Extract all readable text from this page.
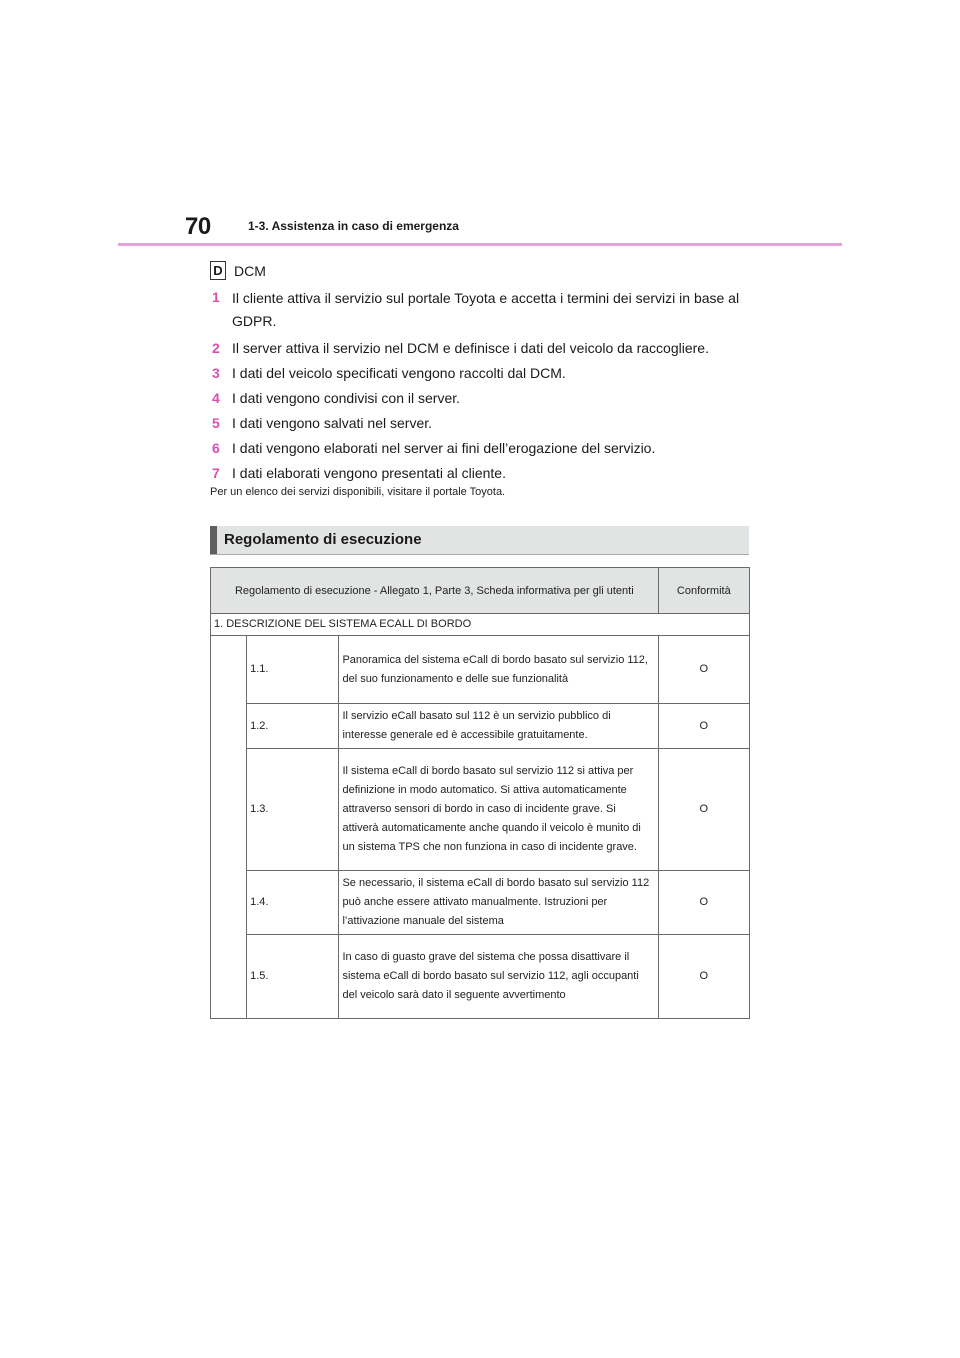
70	1-3. Assistenza in caso di emergenza
D DCM
1 Il cliente attiva il servizio sul portale Toyota e accetta i termini dei servizi in base al GDPR.
2 Il server attiva il servizio nel DCM e definisce i dati del veicolo da raccogliere.
3 I dati del veicolo specificati vengono raccolti dal DCM.
4 I dati vengono condivisi con il server.
5 I dati vengono salvati nel server.
6 I dati vengono elaborati nel server ai fini dell’erogazione del servizio.
7 I dati elaborati vengono presentati al cliente.
Per un elenco dei servizi disponibili, visitare il portale Toyota.
Regolamento di esecuzione
Regolamento di esecuzione - Allegato 1, Parte 3, Scheda informativa per gli utenti			Conformità
1. DESCRIZIONE DEL SISTEMA ECALL DI BORDO			
	1.1.	Panoramica del sistema eCall di bordo basato sul servizio 112, del suo funzionamento e delle sue funzionalità	O
	1.2.	Il servizio eCall basato sul 112 è un servizio pubblico di interesse generale ed è accessibile gratuitamente.	O
	1.3.	Il sistema eCall di bordo basato sul servizio 112 si attiva per definizione in modo automatico. Si attiva automaticamente attraverso sensori di bordo in caso di incidente grave. Si attiverà automaticamente anche quando il veicolo è munito di un sistema TPS che non funziona in caso di incidente grave.	O
	1.4.	Se necessario, il sistema eCall di bordo basato sul servizio 112 può anche essere attivato manualmente. Istruzioni per l’attivazione manuale del sistema	O
	1.5.	In caso di guasto grave del sistema che possa disattivare il sistema eCall di bordo basato sul servizio 112, agli occupanti del veicolo sarà dato il seguente avvertimento	O
